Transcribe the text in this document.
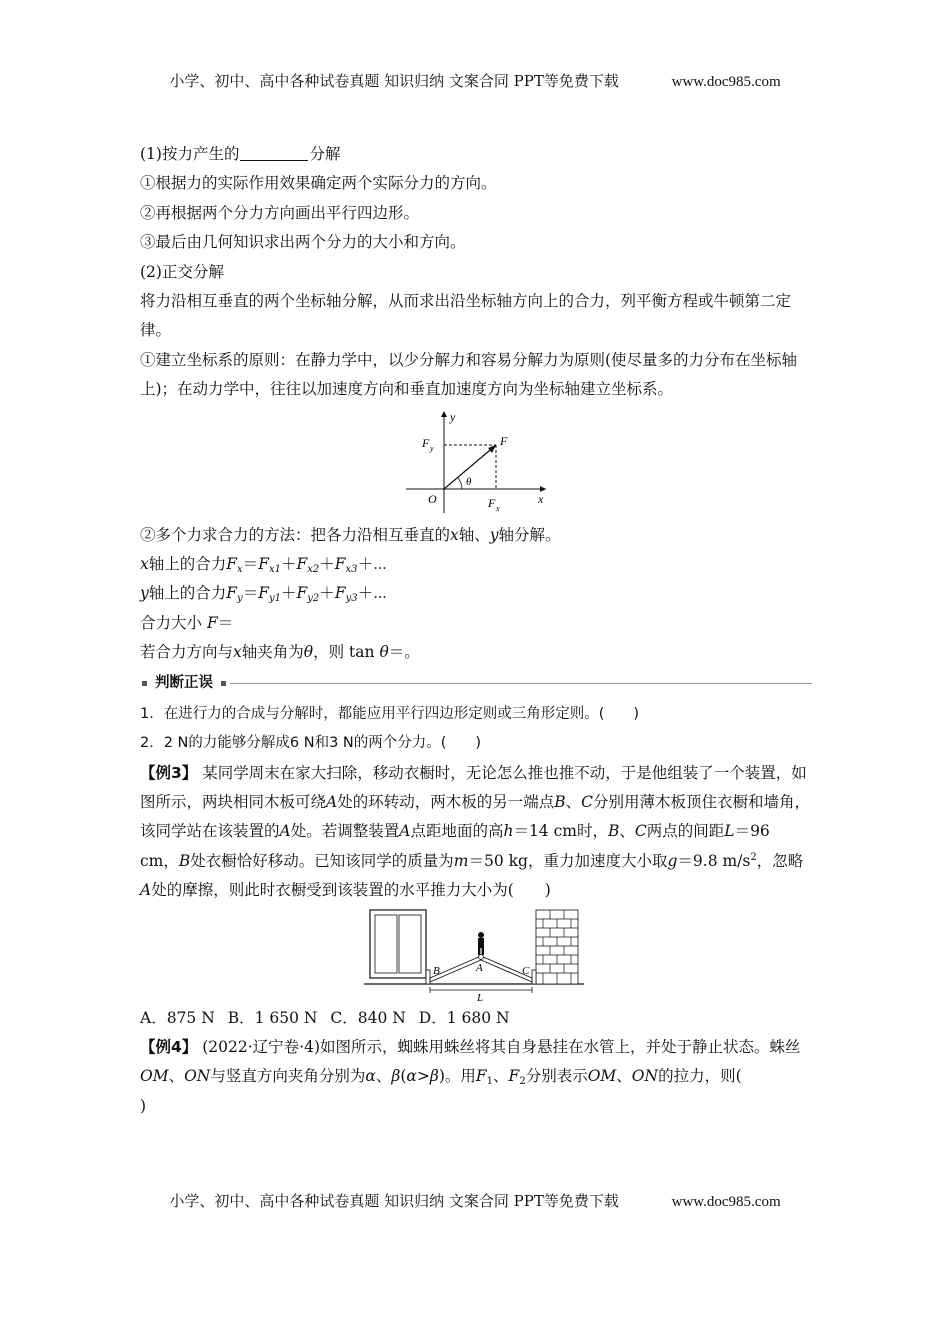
小学、初中、高中各种试卷真题 知识归纳 文案合同 PPT等免费下载	www.doc985.com

(1)按力产生的	分解

①根据力的实际作用效果确定两个实际分力的方向。

②再根据两个分力方向画出平行四边形。

③最后由几何知识求出两个分力的大小和方向。

(2)正交分解

将力沿相互垂直的两个坐标轴分解，从而求出沿坐标轴方向上的合力，列平衡方程或牛顿第二定律。

①建立坐标系的原则：在静力学中，以少分解力和容易分解力为原则(使尽量多的力分布在坐标轴上)；在动力学中，往往以加速度方向和垂直加速度方向为坐标轴建立坐标系。

y
x
O
F
θ
F y
F x

②多个力求合力的方法：把各力沿相互垂直的x轴、y轴分解。

x轴上的合力$F_x=F_{x1}+F_{x2}+F_{x3}+\cdots$

y轴上的合力$F_y=F_{y1}+F_{y2}+F_{y3}+\cdots$

合力大小 F＝

若合力方向与x轴夹角为θ，则 tan θ＝。

判断正误

1．在进行力的合成与分解时，都能应用平行四边形定则或三角形定则。(　　)

2．2 N的力能够分解成6 N和3 N的两个分力。(　　)

【例3】 某同学周末在家大扫除，移动衣橱时，无论怎么推也推不动，于是他组装了一个装置，如图所示，两块相同木板可绕A处的环转动，两木板的另一端点B、C分别用薄木板顶住衣橱和墙角，该同学站在该装置的A处。若调整装置A点距地面的高h＝14 cm时，B、C两点的间距L＝96 cm，B处衣橱恰好移动。已知该同学的质量为m＝50 kg，重力加速度大小取g＝9.8 $m/s^2$，忽略A处的摩擦，则此时衣橱受到该装置的水平推力大小为(　　)

A
B	C
L

A．875 N B．1 650 N C．840 N D．1 680 N

【例4】 (2022·辽宁卷·4)如图所示，蜘蛛用蛛丝将其自身悬挂在水管上，并处于静止状态。蛛丝OM、ON与竖直方向夹角分别为α、β(α>β)。用$F_1$、$F_2$分别表示OM、ON的拉力，则(
)

小学、初中、高中各种试卷真题 知识归纳 文案合同 PPT等免费下载	www.doc985.com
